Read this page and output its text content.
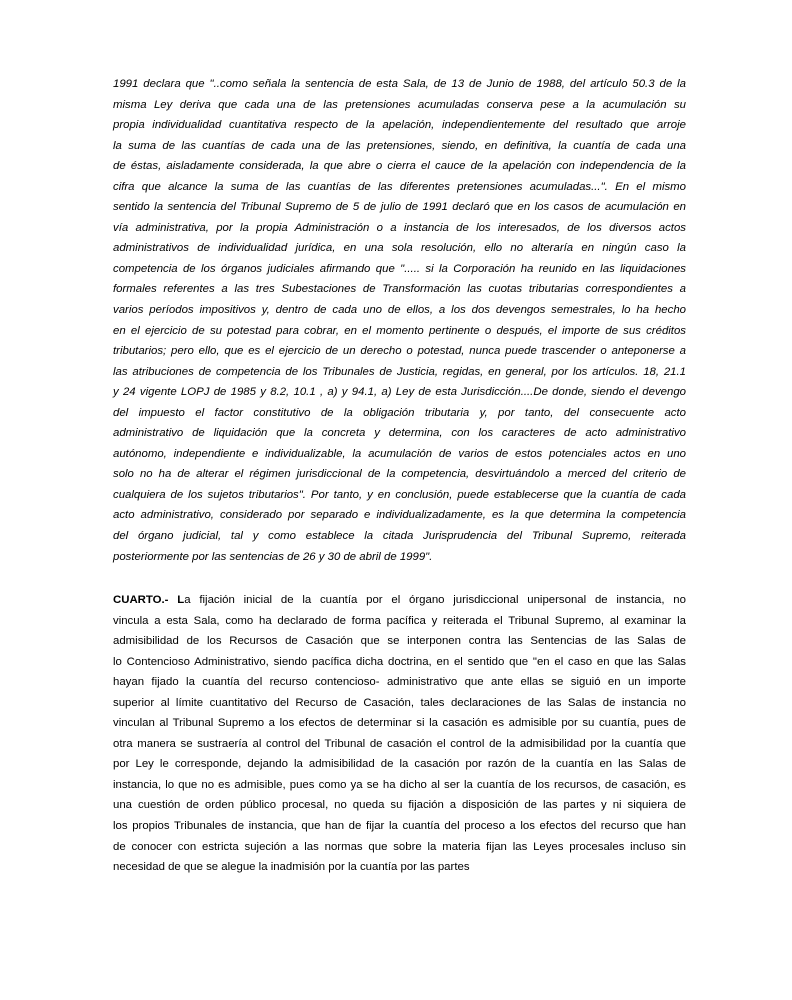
1991 declara que "..como señala la sentencia de esta Sala, de 13 de Junio de 1988, del artículo 50.3 de la
misma Ley deriva que cada una de las pretensiones acumuladas conserva pese a la acumulación su
propia individualidad cuantitativa respecto de la apelación, independientemente del resultado que arroje
la suma de las cuantías de cada una de las pretensiones, siendo, en definitiva, la cuantía de cada una
de éstas, aisladamente considerada, la que abre o cierra el cauce de la apelación con independencia de la
cifra que alcance la suma de las cuantías de las diferentes pretensiones acumuladas...". En el mismo
sentido la sentencia del Tribunal Supremo de 5 de julio de 1991 declaró que en los casos de acumulación en
vía administrativa, por la propia Administración o a instancia de los interesados, de los diversos actos
administrativos de individualidad jurídica, en una sola resolución, ello no alteraría en ningún caso la
competencia de los órganos judiciales afirmando que "..... si la Corporación ha reunido en las liquidaciones
formales referentes a las tres Subestaciones de Transformación las cuotas tributarias correspondientes a
varios períodos impositivos y, dentro de cada uno de ellos, a los dos devengos semestrales, lo ha hecho
en el ejercicio de su potestad para cobrar, en el momento pertinente o después, el importe de sus créditos
tributarios; pero ello, que es el ejercicio de un derecho o potestad, nunca puede trascender o anteponerse a
las atribuciones de competencia de los Tribunales de Justicia, regidas, en general, por los artículos. 18, 21.1
y 24 vigente LOPJ de 1985 y 8.2, 10.1 , a) y 94.1, a) Ley de esta Jurisdicción....De donde, siendo el devengo
del impuesto el factor constitutivo de la obligación tributaria y, por tanto, del consecuente acto
administrativo de liquidación que la concreta y determina, con los caracteres de acto administrativo
autónomo, independiente e individualizable, la acumulación de varios de estos potenciales actos en uno
solo no ha de alterar el régimen jurisdiccional de la competencia, desvirtuándolo a merced del criterio de
cualquiera de los sujetos tributarios". Por tanto, y en conclusión, puede establecerse que la cuantía de cada
acto administrativo, considerado por separado e individualizadamente, es la que determina la competencia
del órgano judicial, tal y como establece la citada Jurisprudencia del Tribunal Supremo, reiterada
posteriormente por las sentencias de 26 y 30 de abril de 1999".
CUARTO.- La fijación inicial de la cuantía por el órgano jurisdiccional unipersonal de instancia, no
vincula a esta Sala, como ha declarado de forma pacífica y reiterada el Tribunal Supremo, al examinar la
admisibilidad de los Recursos de Casación que se interponen contra las Sentencias de las Salas de
lo Contencioso Administrativo, siendo pacífica dicha doctrina, en el sentido que "en el caso en que las Salas
hayan fijado la cuantía del recurso contencioso- administrativo que ante ellas se siguió en un importe
superior al límite cuantitativo del Recurso de Casación, tales declaraciones de las Salas de instancia no
vinculan al Tribunal Supremo a los efectos de determinar si la casación es admisible por su cuantía, pues de
otra manera se sustraería al control del Tribunal de casación el control de la admisibilidad por la cuantía que
por Ley le corresponde, dejando la admisibilidad de la casación por razón de la cuantía en las Salas de
instancia, lo que no es admisible, pues como ya se ha dicho al ser la cuantía de los recursos, de casación, es
una cuestión de orden público procesal, no queda su fijación a disposición de las partes y ni siquiera de
los propios Tribunales de instancia, que han de fijar la cuantía del proceso a los efectos del recurso que han
de conocer con estricta sujeción a las normas que sobre la materia fijan las Leyes procesales incluso sin
necesidad de que se alegue la inadmisión por la cuantía por las partes
